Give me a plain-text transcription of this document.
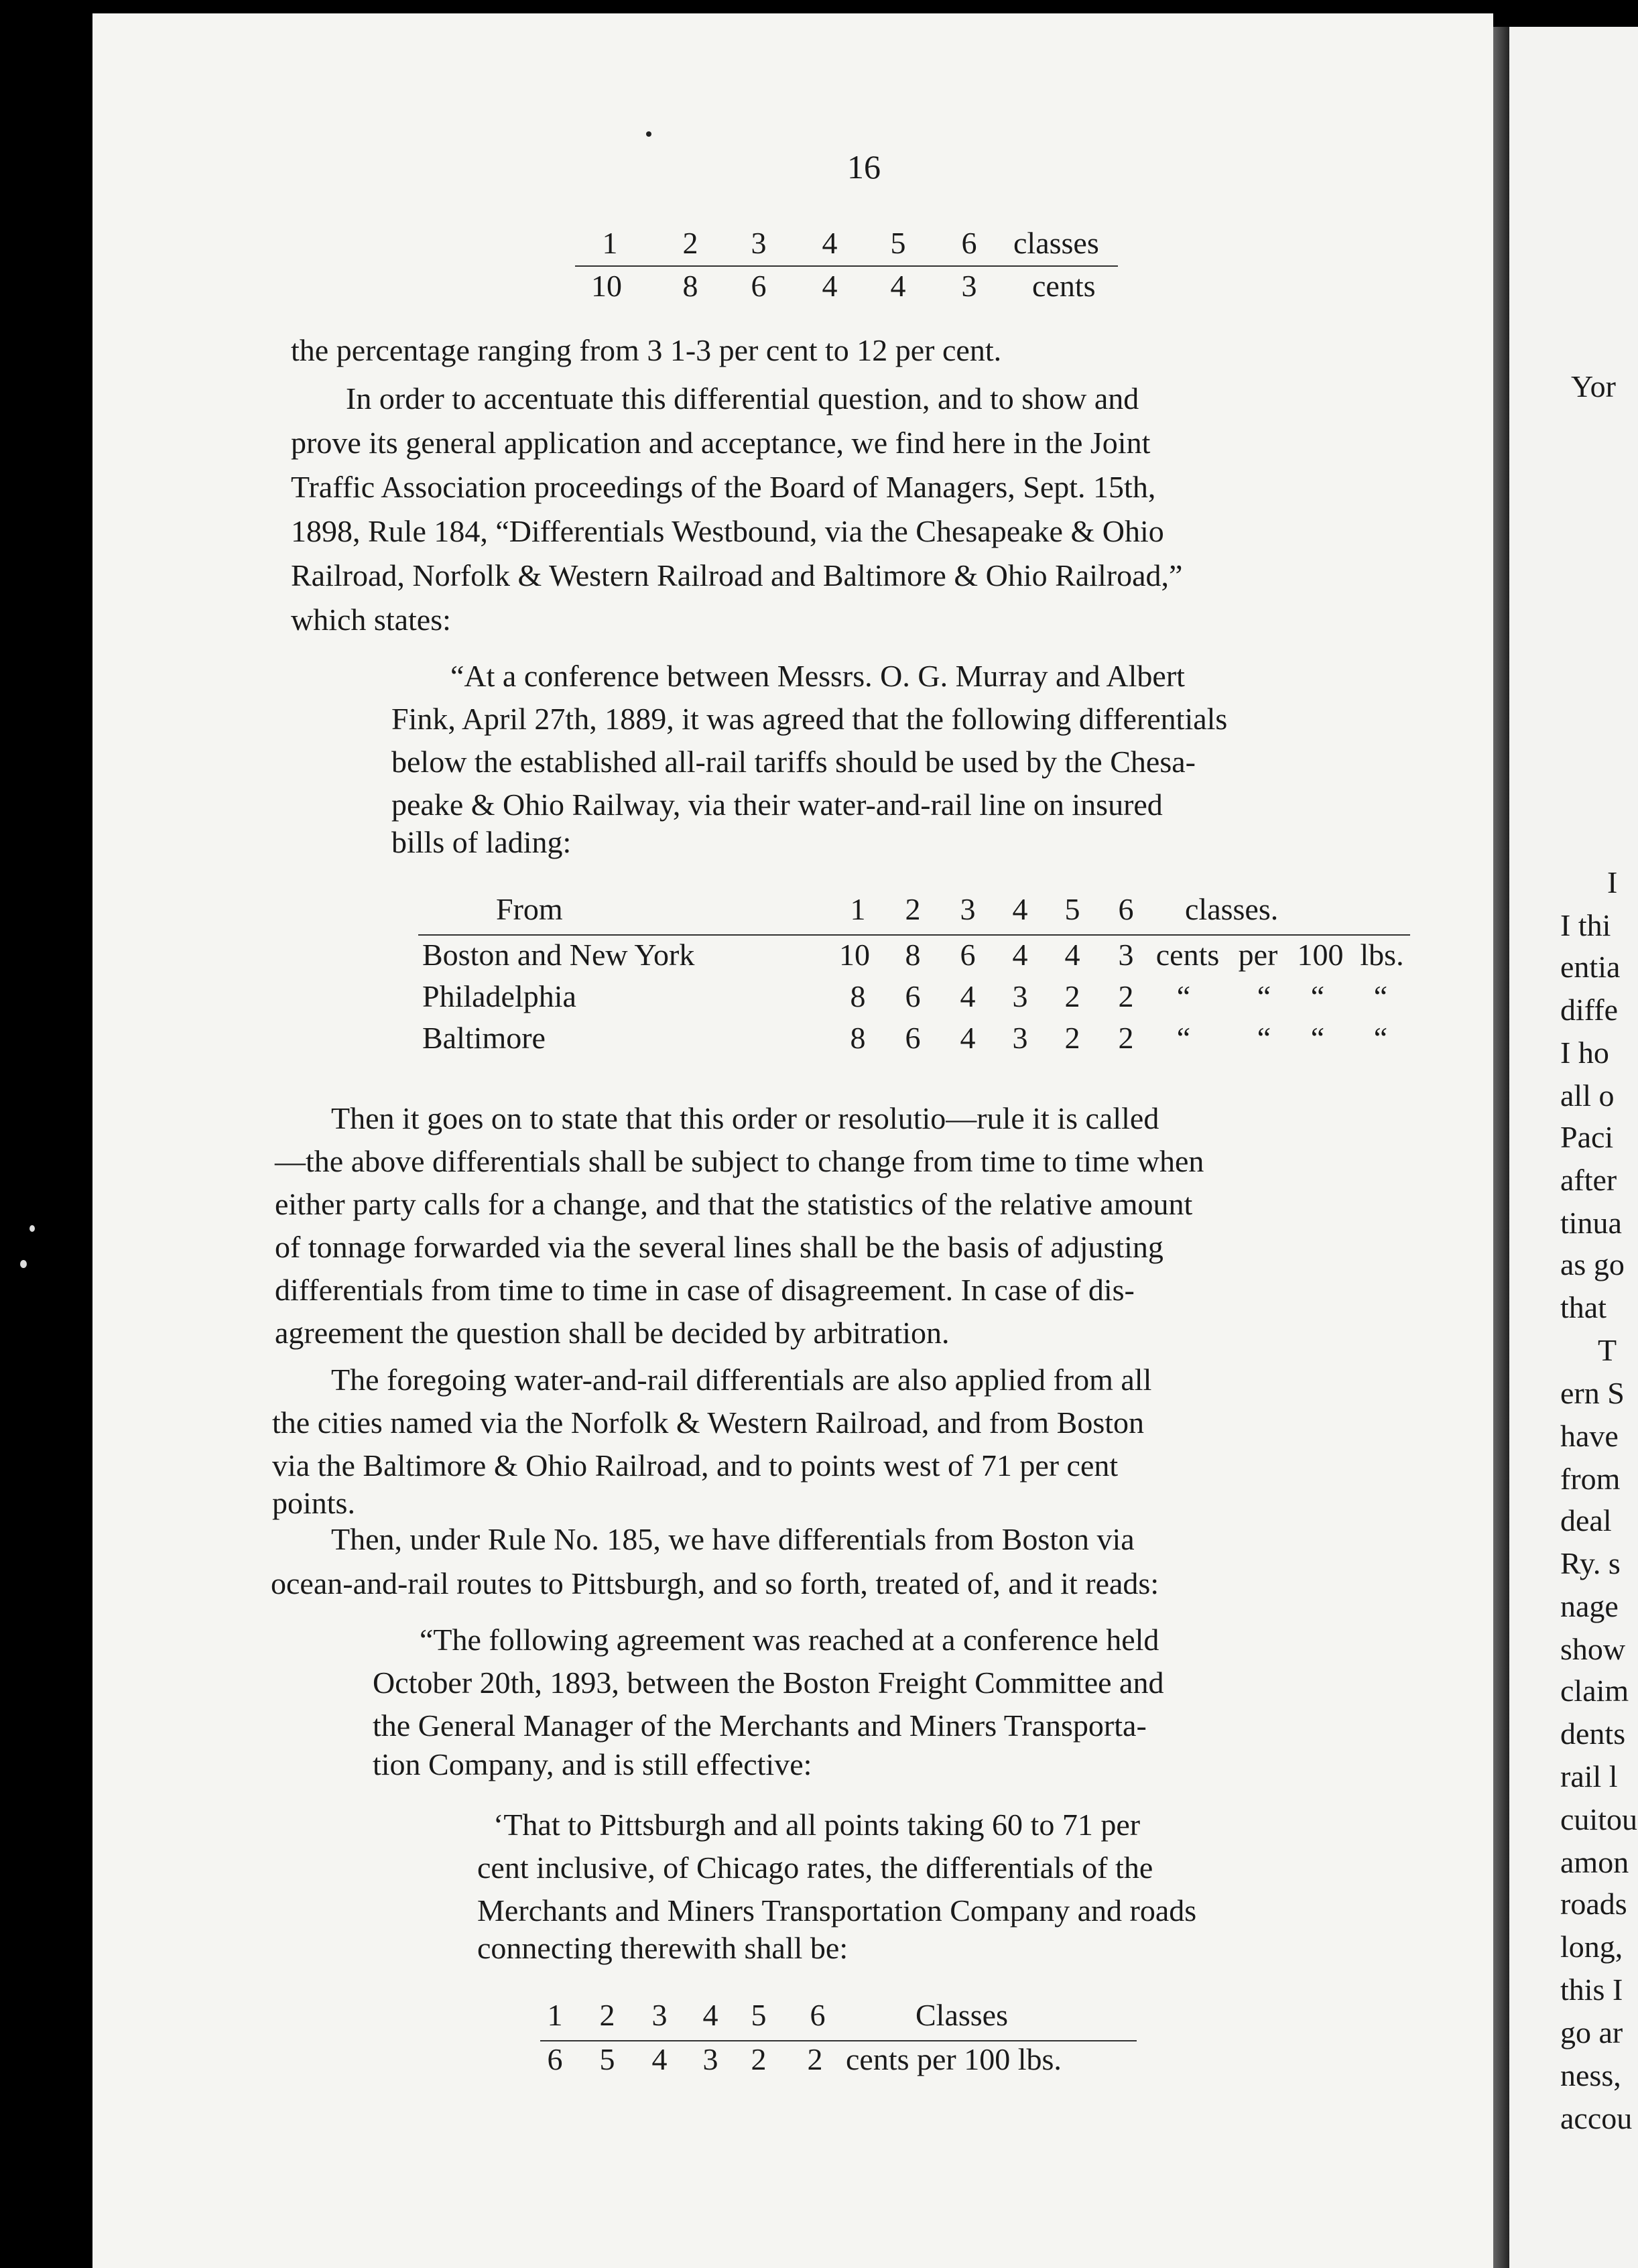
Yor
I
I thi
entia
diffe
I ho
all o
Paci
after
tinua
as go
that
T
ern S
have
from
deal
Ry. s
nage
show
claim
dents
rail l
cuitou
amon
roads
long,
this I
go ar
ness,
accou
16
1 2 3 4 5 6 classes
10 8 6 4 4 3 cents
the percentage ranging from 3 1-3 per cent to 12 per cent.
In order to accentuate this differential question, and to show and
prove its general application and acceptance, we find here in the Joint
Traffic Association proceedings of the Board of Managers, Sept. 15th,
1898, Rule 184, “Differentials Westbound, via the Chesapeake & Ohio
Railroad, Norfolk & Western Railroad and Baltimore & Ohio Railroad,”
which states:
“At a conference between Messrs. O. G. Murray and Albert
Fink, April 27th, 1889, it was agreed that the following differentials
below the established all-rail tariffs should be used by the Chesa-
peake & Ohio Railway, via their water-and-rail line on insured
bills of lading:
From	1 2 3 4 5 6 classes.
Boston and New York	10 8 6 4 4 3 cents per 100 lbs.
Philadelphia	8 6 4 3 2 2 “ “ “ “
Baltimore	8 6 4 3 2 2 “ “ “ “
Then it goes on to state that this order or resolutio—rule it is called
—the above differentials shall be subject to change from time to time when
either party calls for a change, and that the statistics of the relative amount
of tonnage forwarded via the several lines shall be the basis of adjusting
differentials from time to time in case of disagreement. In case of dis-
agreement the question shall be decided by arbitration.
The foregoing water-and-rail differentials are also applied from all
the cities named via the Norfolk & Western Railroad, and from Boston
via the Baltimore & Ohio Railroad, and to points west of 71 per cent
points.
Then, under Rule No. 185, we have differentials from Boston via
ocean-and-rail routes to Pittsburgh, and so forth, treated of, and it reads:
“The following agreement was reached at a conference held
October 20th, 1893, between the Boston Freight Committee and
the General Manager of the Merchants and Miners Transporta-
tion Company, and is still effective:
‘That to Pittsburgh and all points taking 60 to 71 per
cent inclusive, of Chicago rates, the differentials of the
Merchants and Miners Transportation Company and roads
connecting therewith shall be:
1 2 3 4 5 6	Classes
6 5 4 3 2 2 cents per 100 lbs.
